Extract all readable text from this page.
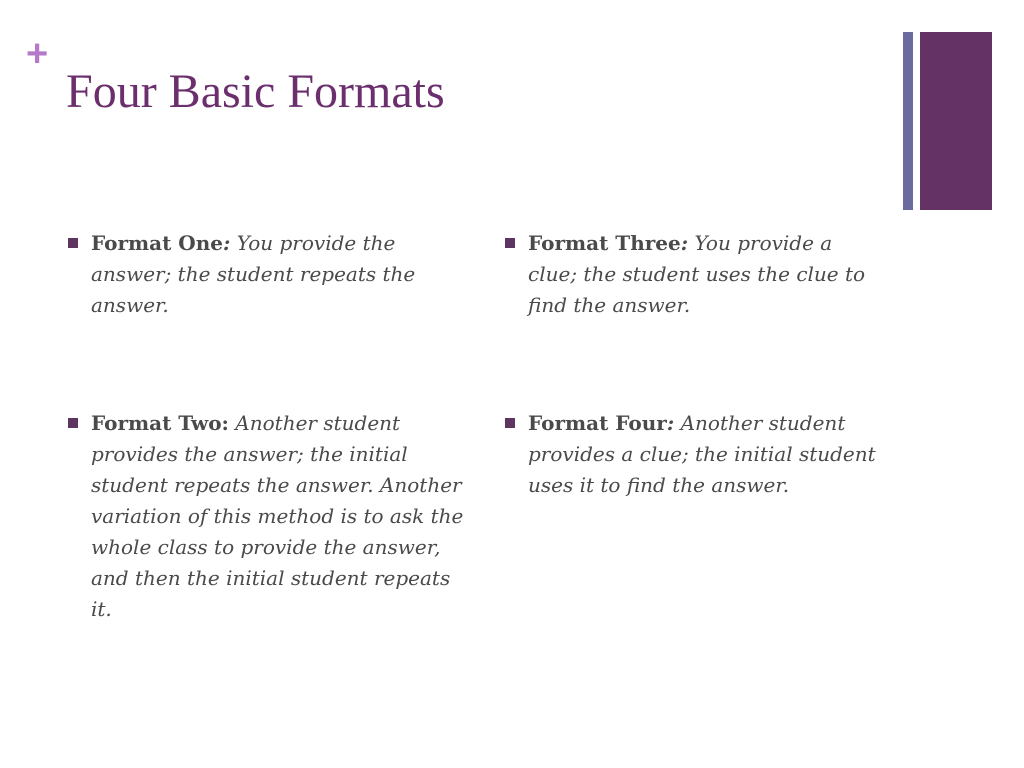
+
Four Basic Formats
Format One: You provide the answer; the student repeats the answer.
Format Two: Another student provides the answer; the initial student repeats the answer. Another variation of this method is to ask the whole class to provide the answer, and then the initial student repeats it.
Format Three: You provide a clue; the student uses the clue to find the answer.
Format Four: Another student provides a clue; the initial student uses it to find the answer.
